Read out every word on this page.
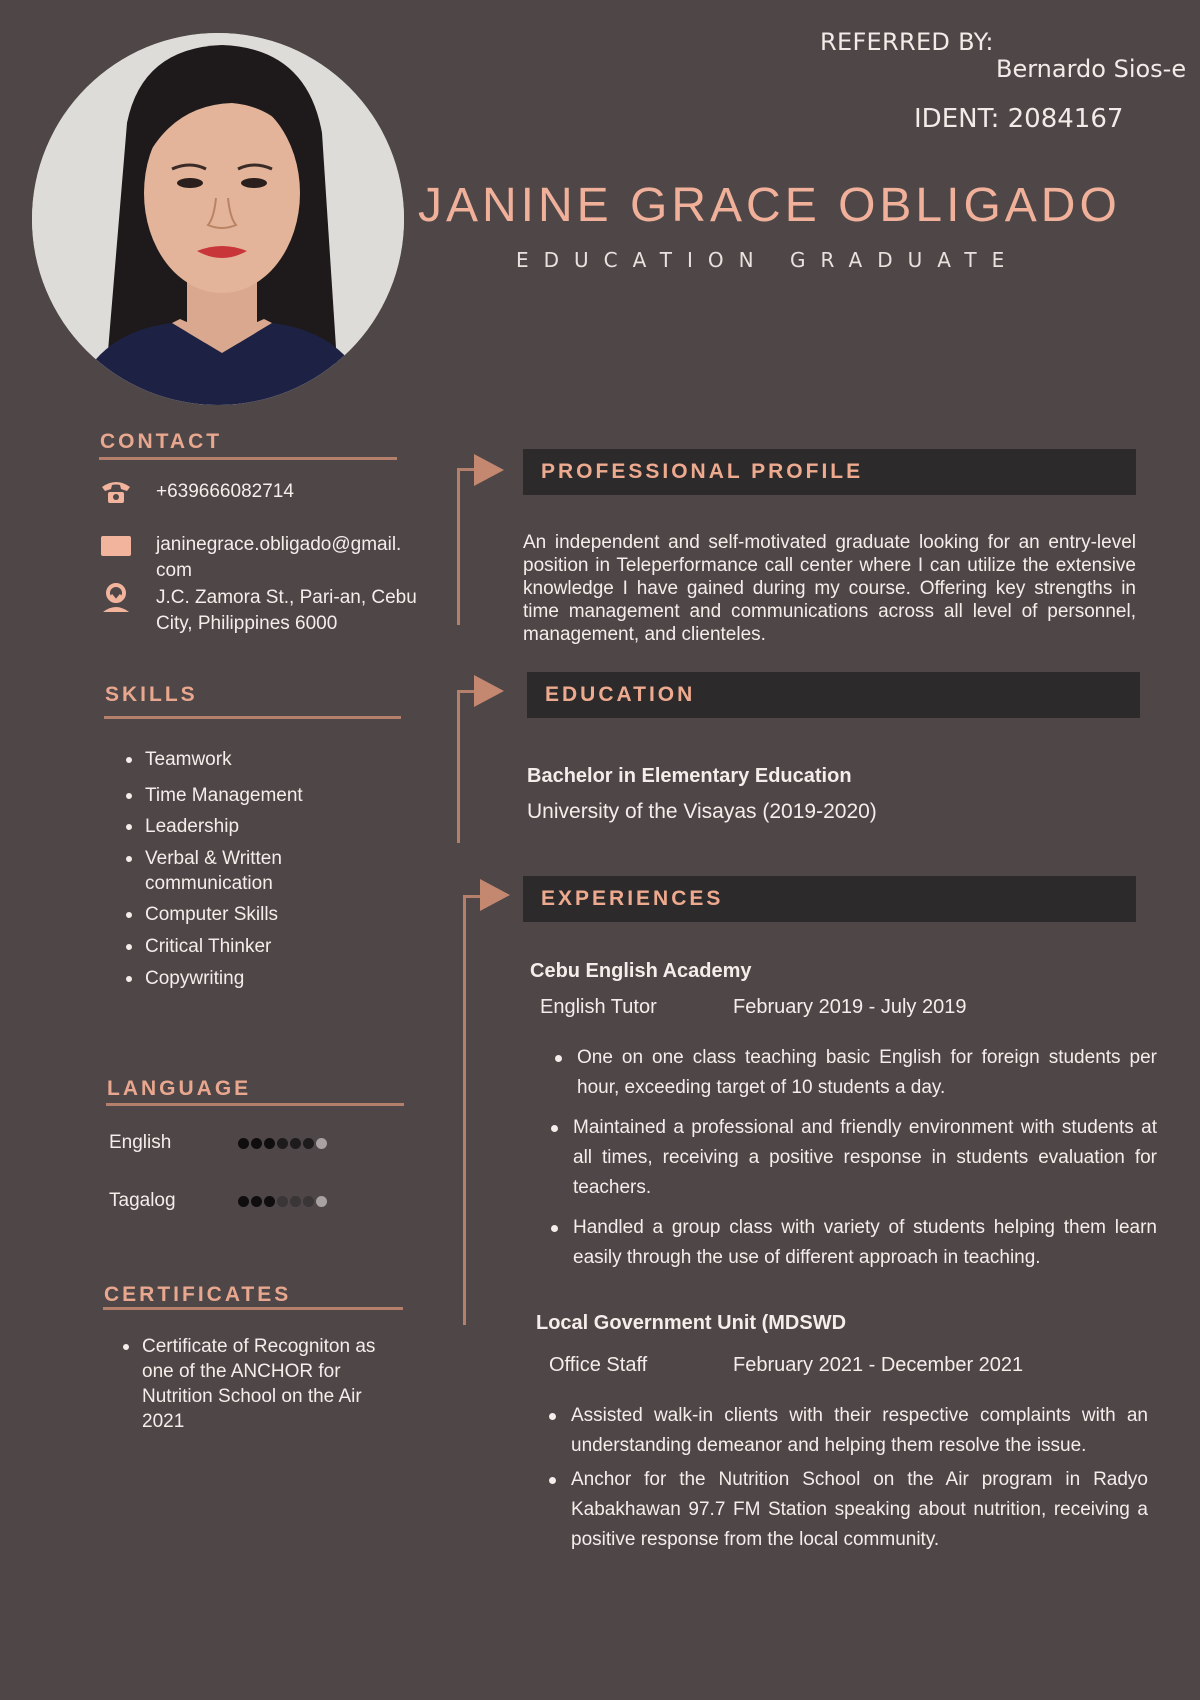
REFERRED BY:
Bernardo Sios-e
IDENT: 2084167
JANINE GRACE OBLIGADO
EDUCATION GRADUATE
CONTACT
+639666082714
janinegrace.obligado@gmail.
com
J.C. Zamora St., Pari-an, Cebu
City, Philippines 6000
SKILLS
Teamwork
Time Management
Leadership
Verbal & Written communication
Computer Skills
Critical Thinker
Copywriting
LANGUAGE
English
Tagalog
CERTIFICATES
Certificate of Recogniton as one of the ANCHOR for Nutrition School on the Air 2021
PROFESSIONAL PROFILE
An independent and self-motivated graduate looking for an entry-level position in Teleperformance call center where I can utilize the extensive knowledge I have gained during my course. Offering key strengths in time management and communications across all level of personnel, management, and clienteles.
EDUCATION
Bachelor in Elementary Education
University of the Visayas (2019-2020)
EXPERIENCES
Cebu English Academy
English Tutor	February 2019 - July 2019
One on one class teaching basic English for foreign students per hour, exceeding target of 10 students a day.
Maintained a professional and friendly environment with students at all times, receiving a positive response in students evaluation for teachers.
Handled a group class with variety of students helping them learn easily through the use of different approach in teaching.
Local Government Unit (MDSWD
Office Staff	February 2021 - December 2021
Assisted walk-in clients with their respective complaints with an understanding demeanor and helping them resolve the issue.
Anchor for the Nutrition School on the Air program in Radyo Kabakhawan 97.7 FM Station speaking about nutrition, receiving a positive response from the local community.
